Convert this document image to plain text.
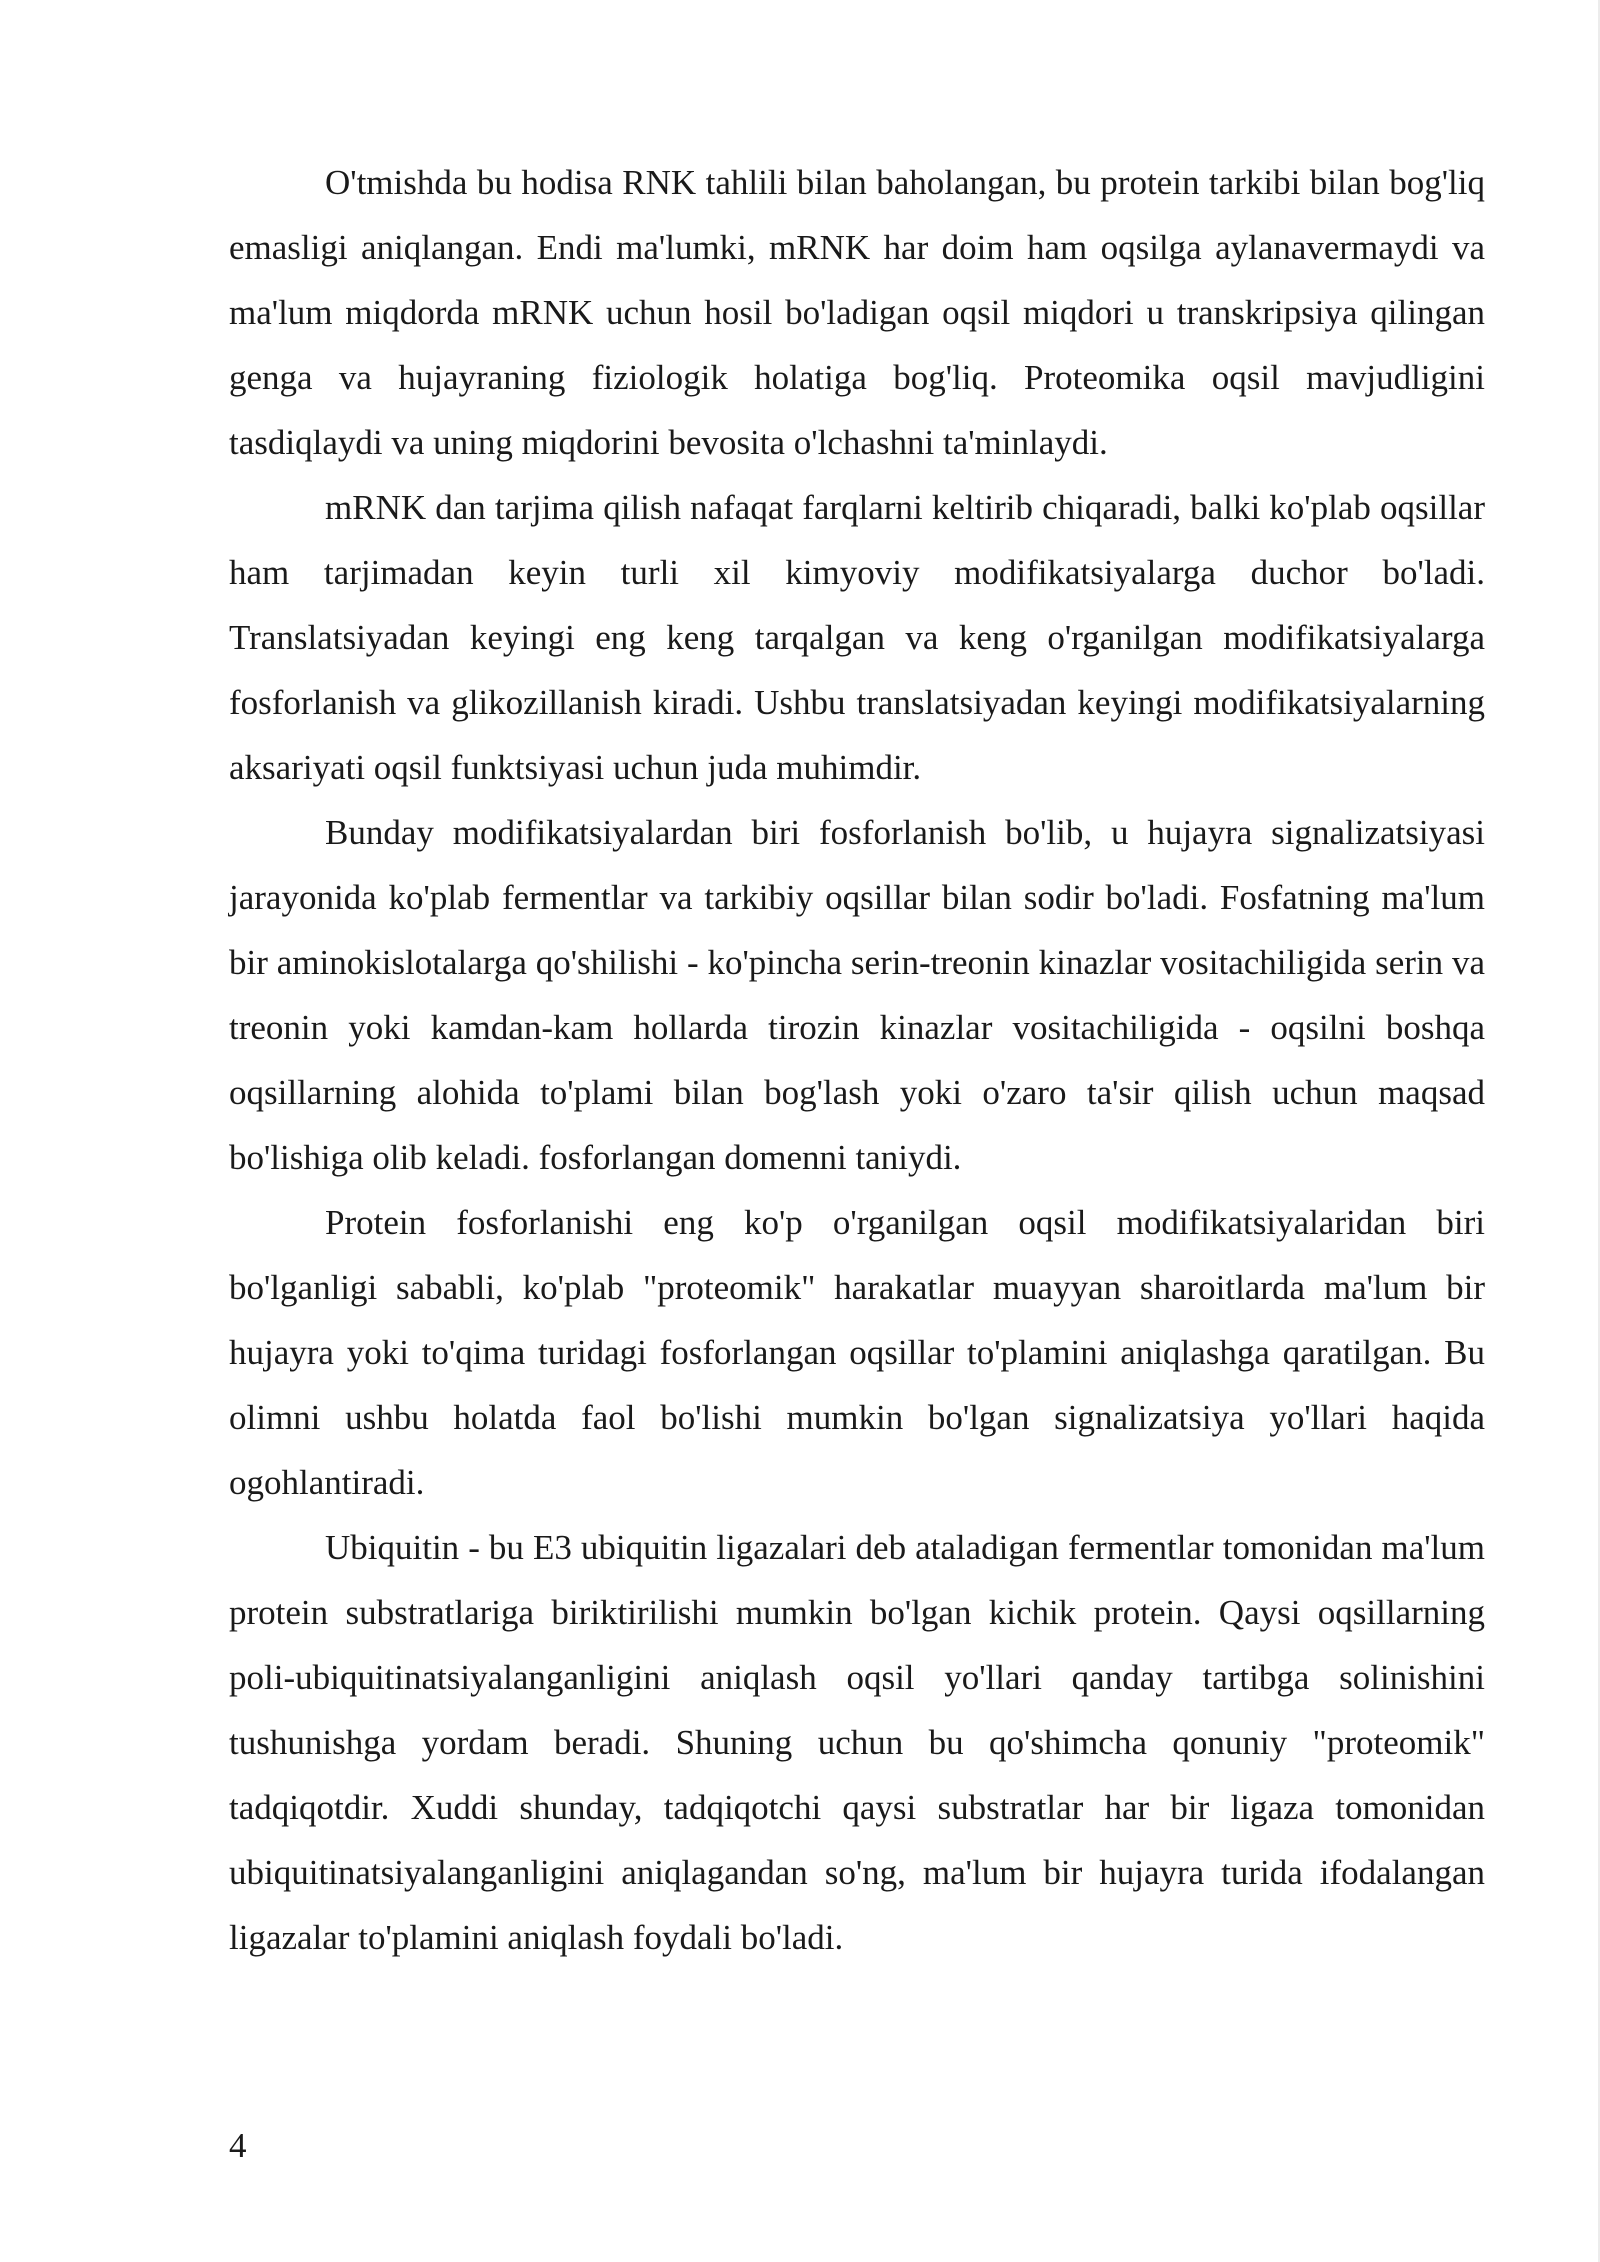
O'tmishda bu hodisa RNK tahlili bilan baholangan, bu protein tarkibi bilan bog'liq emasligi aniqlangan. Endi ma'lumki, mRNK har doim ham oqsilga aylanavermaydi va ma'lum miqdorda mRNK uchun hosil bo'ladigan oqsil miqdori u transkripsiya qilingan genga va hujayraning fiziologik holatiga bog'liq. Proteomika oqsil mavjudligini tasdiqlaydi va uning miqdorini bevosita o'lchashni ta'minlaydi.

mRNK dan tarjima qilish nafaqat farqlarni keltirib chiqaradi, balki ko'plab oqsillar ham tarjimadan keyin turli xil kimyoviy modifikatsiyalarga duchor bo'ladi. Translatsiyadan keyingi eng keng tarqalgan va keng o'rganilgan modifikatsiyalarga fosforlanish va glikozillanish kiradi. Ushbu translatsiyadan keyingi modifikatsiyalarning aksariyati oqsil funktsiyasi uchun juda muhimdir.

Bunday modifikatsiyalardan biri fosforlanish bo'lib, u hujayra signalizatsiyasi jarayonida ko'plab fermentlar va tarkibiy oqsillar bilan sodir bo'ladi. Fosfatning ma'lum bir aminokislotalarga qo'shilishi - ko'pincha serin-treonin kinazlar vositachiligida serin va treonin yoki kamdan-kam hollarda tirozin kinazlar vositachiligida - oqsilni boshqa oqsillarning alohida to'plami bilan bog'lash yoki o'zaro ta'sir qilish uchun maqsad bo'lishiga olib keladi. fosforlangan domenni taniydi.

Protein fosforlanishi eng ko'p o'rganilgan oqsil modifikatsiyalaridan biri bo'lganligi sababli, ko'plab "proteomik" harakatlar muayyan sharoitlarda ma'lum bir hujayra yoki to'qima turidagi fosforlangan oqsillar to'plamini aniqlashga qaratilgan. Bu olimni ushbu holatda faol bo'lishi mumkin bo'lgan signalizatsiya yo'llari haqida ogohlantiradi.

Ubiquitin - bu E3 ubiquitin ligazalari deb ataladigan fermentlar tomonidan ma'lum protein substratlariga biriktirilishi mumkin bo'lgan kichik protein. Qaysi oqsillarning poli-ubiquitinatsiyalanganligini aniqlash oqsil yo'llari qanday tartibga solinishini tushunishga yordam beradi. Shuning uchun bu qo'shimcha qonuniy "proteomik" tadqiqotdir. Xuddi shunday, tadqiqotchi qaysi substratlar har bir ligaza tomonidan ubiquitinatsiyalanganligini aniqlagandan so'ng, ma'lum bir hujayra turida ifodalangan ligazalar to'plamini aniqlash foydali bo'ladi.

4
